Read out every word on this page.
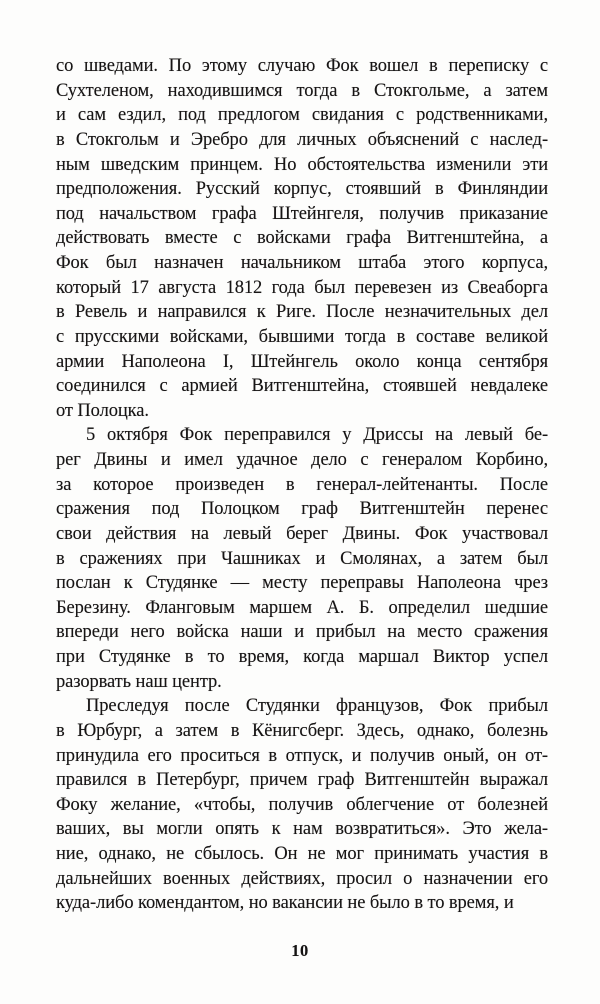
со шведами. По этому случаю Фок вошел в переписку с
Сухтеленом, находившимся тогда в Стокгольме, а затем
и сам ездил, под предлогом свидания с родственниками,
в Стокгольм и Эребро для личных объяснений с наслед-
ным шведским принцем. Но обстоятельства изменили эти
предположения. Русский корпус, стоявший в Финляндии
под начальством графа Штейнгеля, получив приказание
действовать вместе с войсками графа Витгенштейна, а
Фок был назначен начальником штаба этого корпуса,
который 17 августа 1812 года был перевезен из Свеаборга
в Ревель и направился к Риге. После незначительных дел
с прусскими войсками, бывшими тогда в составе великой
армии Наполеона I, Штейнгель около конца сентября
соединился с армией Витгенштейна, стоявшей невдалеке
от Полоцка.
5 октября Фок переправился у Дриссы на левый бе-
рег Двины и имел удачное дело с генералом Корбино,
за которое произведен в генерал-лейтенанты. После
сражения под Полоцком граф Витгенштейн перенес
свои действия на левый берег Двины. Фок участвовал
в сражениях при Чашниках и Смолянах, а затем был
послан к Студянке — месту переправы Наполеона чрез
Березину. Фланговым маршем А. Б. определил шедшие
впереди него войска наши и прибыл на место сражения
при Студянке в то время, когда маршал Виктор успел
разорвать наш центр.
Преследуя после Студянки французов, Фок прибыл
в Юрбург, а затем в Кёнигсберг. Здесь, однако, болезнь
принудила его проситься в отпуск, и получив оный, он от-
правился в Петербург, причем граф Витгенштейн выражал
Фоку желание, «чтобы, получив облегчение от болезней
ваших, вы могли опять к нам возвратиться». Это жела-
ние, однако, не сбылось. Он не мог принимать участия в
дальнейших военных действиях, просил о назначении его
куда-либо комендантом, но вакансии не было в то время, и
10
